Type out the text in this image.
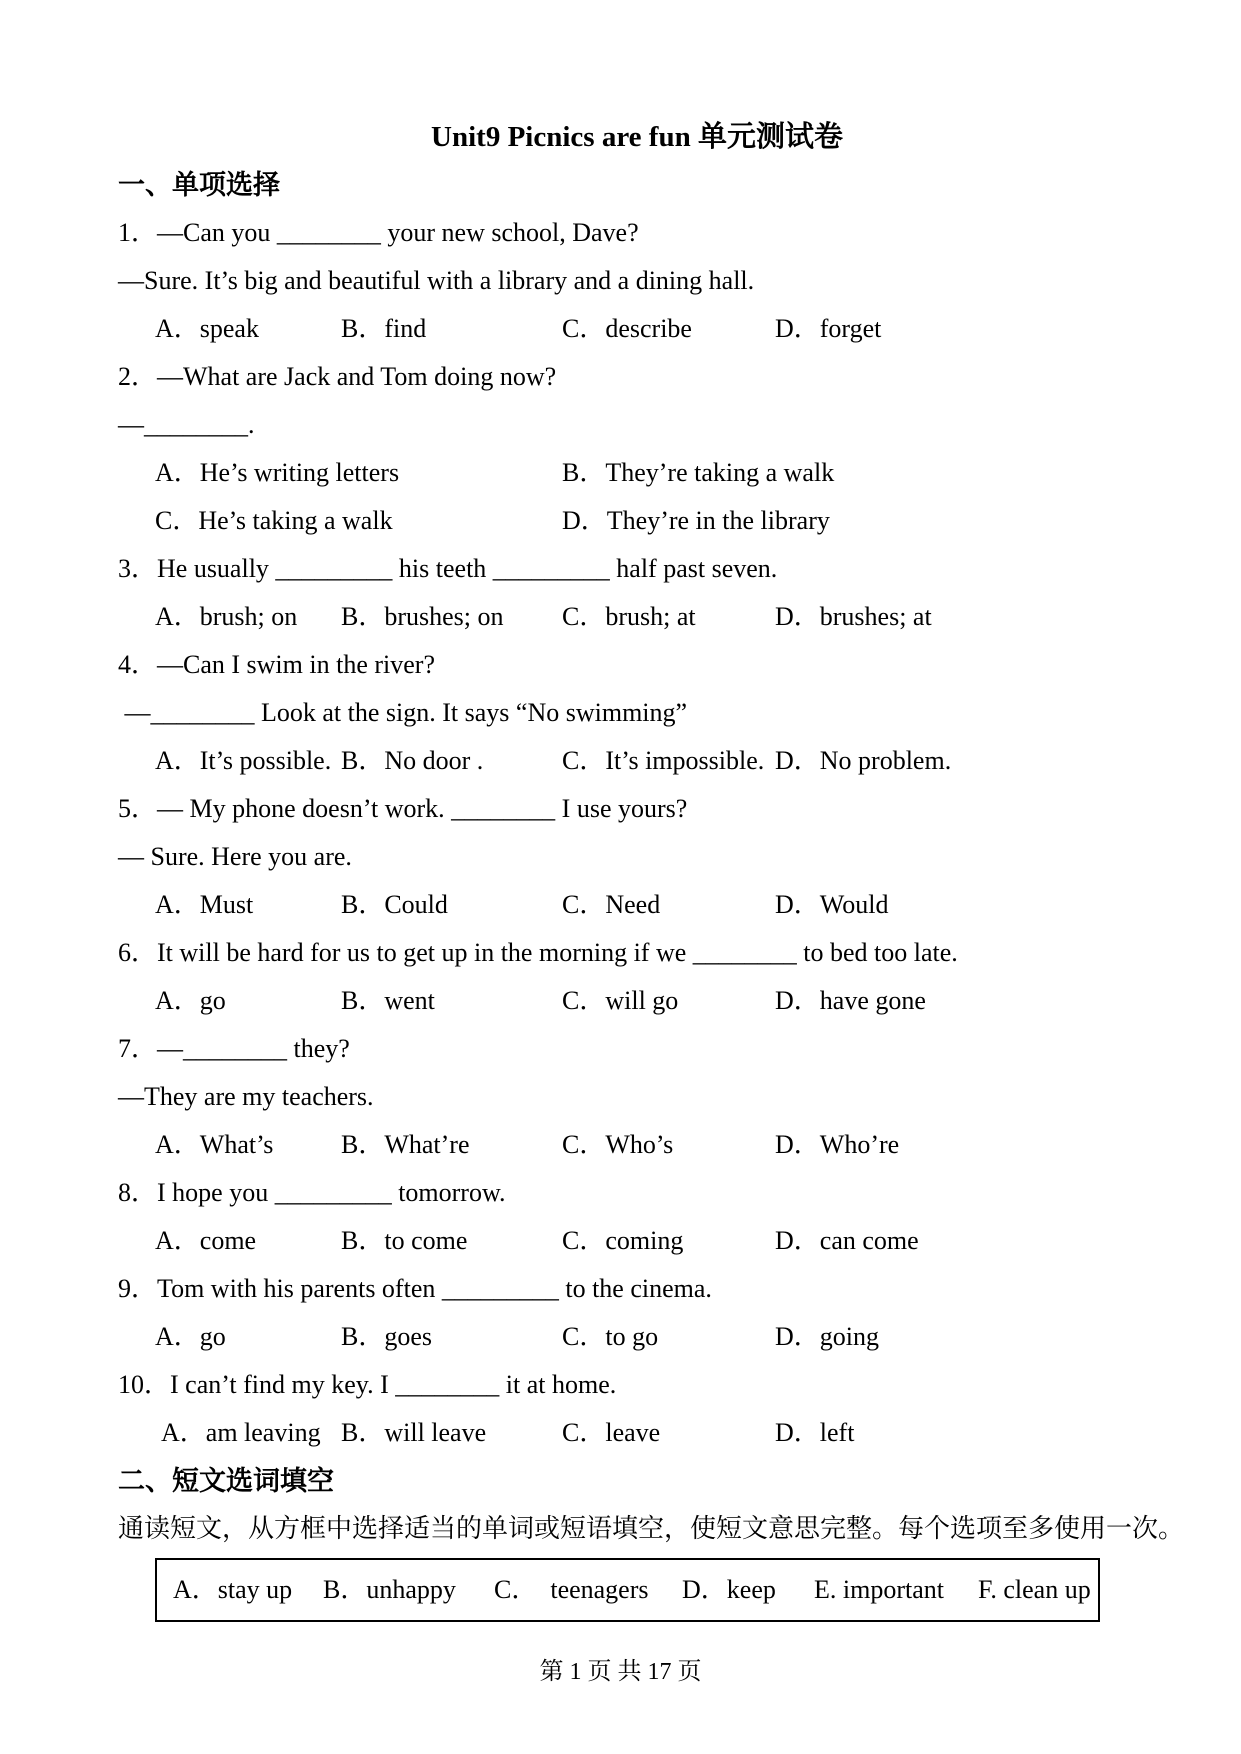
Unit9 Picnics are fun 单元测试卷
一、单项选择
1．—Can you ________ your new school, Dave?
—Sure. It’s big and beautiful with a library and a dining hall.

A．speak

	B．find

	C．describe

	D．forget

2．—What are Jack and Tom doing now?
—________.

A．He’s writing letters

	B．They’re taking a walk

C．He’s taking a walk

	D．They’re in the library

3．He usually _________ his teeth _________ half past seven.

A．brush; on

B．brushes; on

C．brush; at

	D．brushes; at

4．—Can I swim in the river?
—________ Look at the sign. It says “No swimming”

A．It’s possible.

B．No door .

	C．It’s impossible.

D．No problem.

5．— My phone doesn’t work. ________ I use yours?
— Sure. Here you are.

A．Must

	B．Could

	C．Need

	D．Would

6．It will be hard for us to get up in the morning if we ________ to bed too late.

A．go

	B．went

	C．will go

	D．have gone

7．—________ they?
—They are my teachers.

A．What’s

	B．What’re

	C．Who’s

	D．Who’re

8．I hope you _________ tomorrow.

A．come

	B．to come

	C．coming

	D．can come

9．Tom with his parents often _________ to the cinema.

A．go

	B．goes

	C．to go

	D．going

10．I can’t find my key. I ________ it at home.

A．am leaving

B．will leave

	C．leave

	D．left

二、短文选词填空
通读短文，从方框中选择适当的单词或短语填空，使短文意思完整。每个选项至多使用一次。
A．stay up B．unhappy C．  teenagers D．keep E. important F. clean up
第 1 页 共 17 页
